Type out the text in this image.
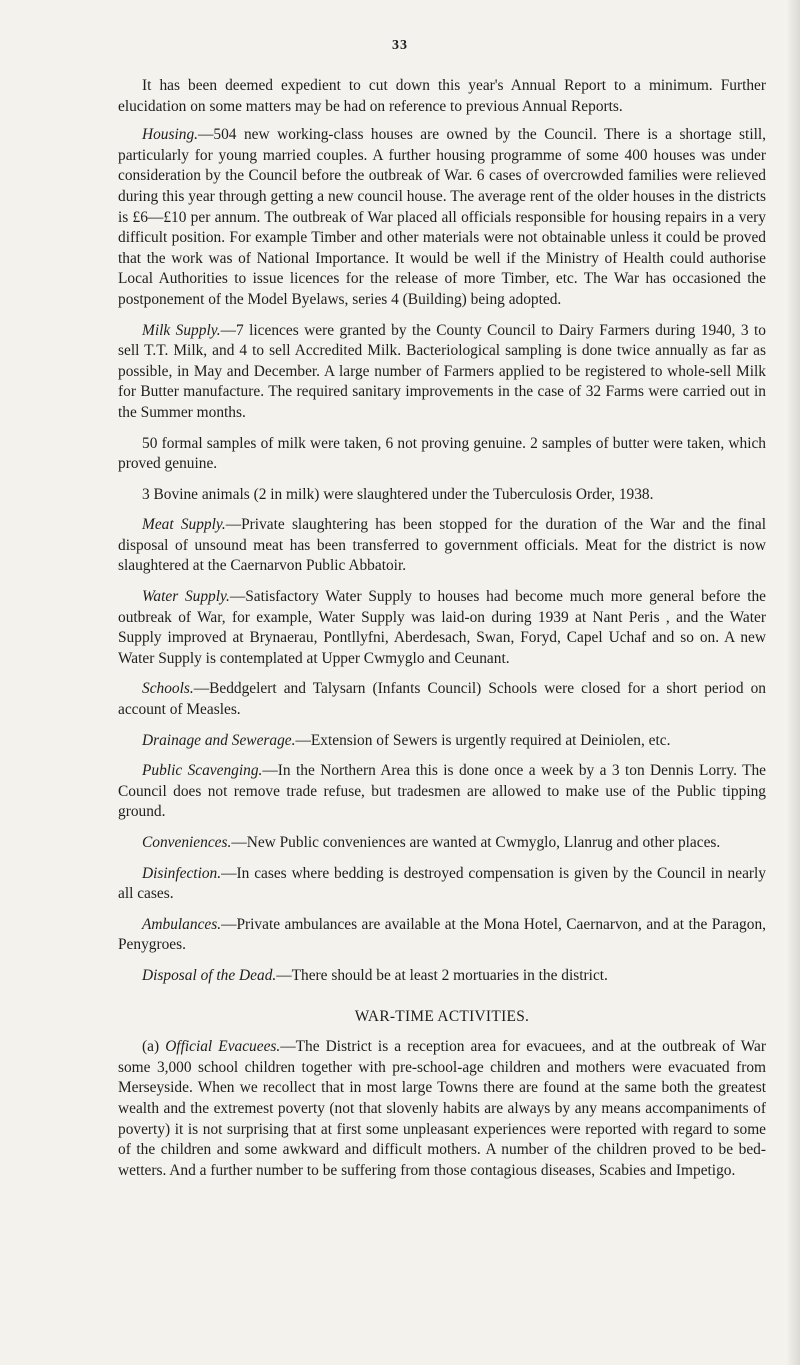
33

It has been deemed expedient to cut down this year's Annual Report to a minimum. Further elucidation on some matters may be had on reference to previous Annual Reports.

Housing.—504 new working-class houses are owned by the Council. There is a shortage still, particularly for young married couples. A further housing programme of some 400 houses was under consideration by the Council before the outbreak of War. 6 cases of overcrowded families were relieved during this year through getting a new council house. The average rent of the older houses in the districts is £6—£10 per annum. The outbreak of War placed all officials responsible for housing repairs in a very difficult position. For example Timber and other materials were not obtainable unless it could be proved that the work was of National Importance. It would be well if the Ministry of Health could authorise Local Authorities to issue licences for the release of more Timber, etc. The War has occasioned the postponement of the Model Byelaws, series 4 (Building) being adopted.

Milk Supply.—7 licences were granted by the County Council to Dairy Farmers during 1940, 3 to sell T.T. Milk, and 4 to sell Accredited Milk. Bacteriological sampling is done twice annually as far as possible, in May and December. A large number of Farmers applied to be registered to whole-sell Milk for Butter manufacture. The required sanitary improvements in the case of 32 Farms were carried out in the Summer months.

50 formal samples of milk were taken, 6 not proving genuine. 2 samples of butter were taken, which proved genuine.

3 Bovine animals (2 in milk) were slaughtered under the Tuberculosis Order, 1938.

Meat Supply.—Private slaughtering has been stopped for the duration of the War and the final disposal of unsound meat has been transferred to government officials. Meat for the district is now slaughtered at the Caernarvon Public Abbatoir.

Water Supply.—Satisfactory Water Supply to houses had become much more general before the outbreak of War, for example, Water Supply was laid-on during 1939 at Nant Peris , and the Water Supply improved at Brynaerau, Pontllyfni, Aberdesach, Swan, Foryd, Capel Uchaf and so on. A new Water Supply is contemplated at Upper Cwmyglo and Ceunant.

Schools.—Beddgelert and Talysarn (Infants Council) Schools were closed for a short period on account of Measles.

Drainage and Sewerage.—Extension of Sewers is urgently required at Deiniolen, etc.

Public Scavenging.—In the Northern Area this is done once a week by a 3 ton Dennis Lorry. The Council does not remove trade refuse, but tradesmen are allowed to make use of the Public tipping ground.

Conveniences.—New Public conveniences are wanted at Cwmyglo, Llanrug and other places.

Disinfection.—In cases where bedding is destroyed compensation is given by the Council in nearly all cases.

Ambulances.—Private ambulances are available at the Mona Hotel, Caernarvon, and at the Paragon, Penygroes.

Disposal of the Dead.—There should be at least 2 mortuaries in the district.

WAR-TIME ACTIVITIES.

(a) Official Evacuees.—The District is a reception area for evacuees, and at the outbreak of War some 3,000 school children together with pre-school-age children and mothers were evacuated from Merseyside. When we recollect that in most large Towns there are found at the same both the greatest wealth and the extremest poverty (not that slovenly habits are always by any means accompaniments of poverty) it is not surprising that at first some unpleasant experiences were reported with regard to some of the children and some awkward and difficult mothers. A number of the children proved to be bed-wetters. And a further number to be suffering from those contagious diseases, Scabies and Impetigo.
